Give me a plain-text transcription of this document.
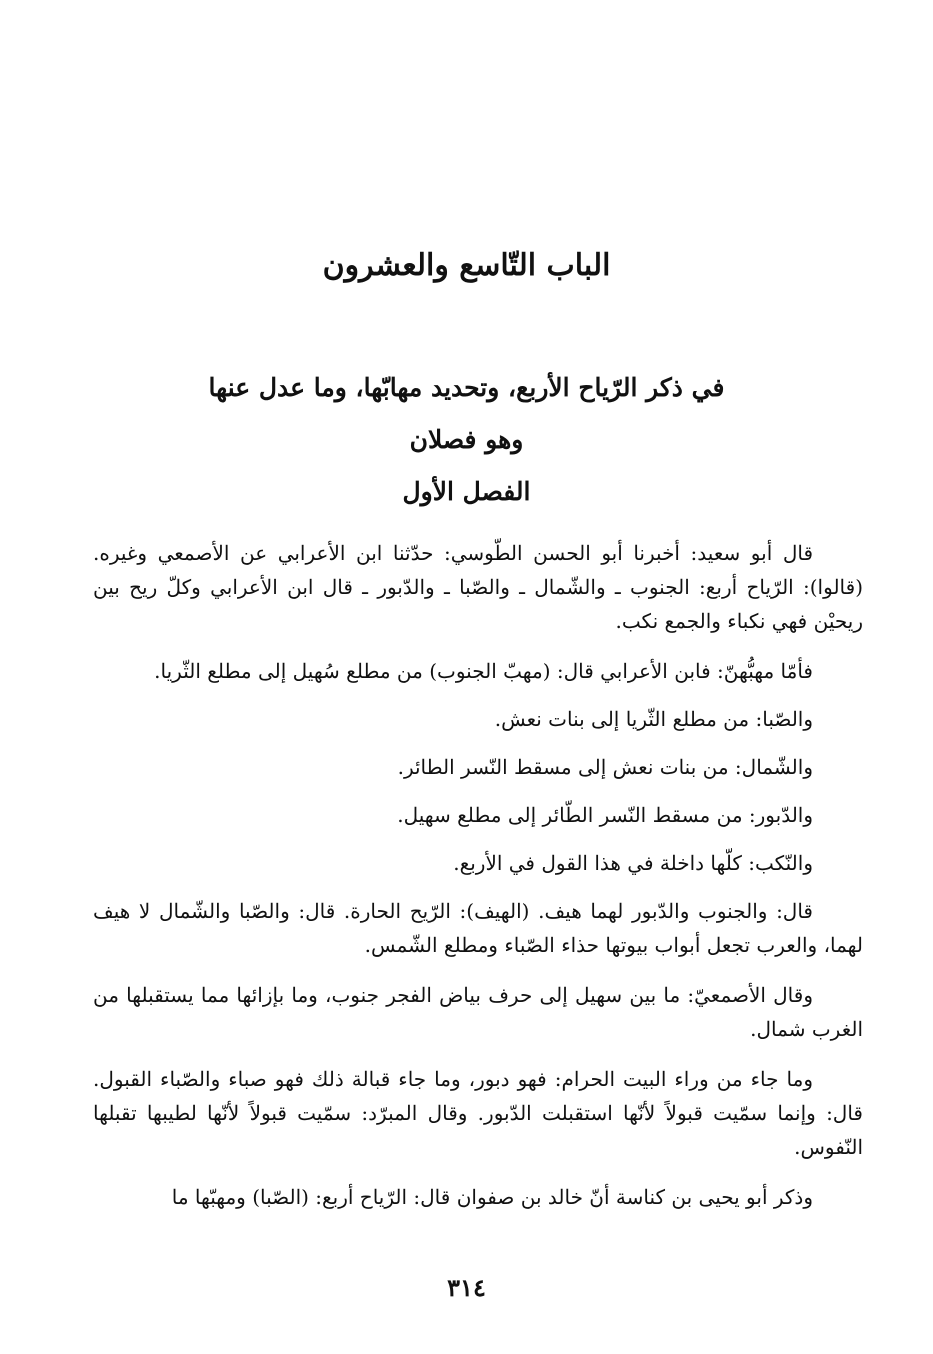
الباب التّاسع والعشرون

في ذكر الرّياح الأربع، وتحديد مهابّها، وما عدل عنها

وهو فصلان

الفصل الأول

قال أبو سعيد: أخبرنا أبو الحسن الطّوسي: حدّثنا ابن الأعرابي عن الأصمعي وغيره. (قالوا): الرّياح أربع: الجنوب ـ والشّمال ـ والصّبا ـ والدّبور ـ قال ابن الأعرابي وكلّ ريح بين ريحيْن فهي نكباء والجمع نكب.

فأمّا مهبُّهنّ: فابن الأعرابي قال: (مهبّ الجنوب) من مطلع سُهيل إلى مطلع الثّريا.

والصّبا: من مطلع الثّريا إلى بنات نعش.

والشّمال: من بنات نعش إلى مسقط النّسر الطائر.

والدّبور: من مسقط النّسر الطّائر إلى مطلع سهيل.

والنّكب: كلّها داخلة في هذا القول في الأربع.

قال: والجنوب والدّبور لهما هيف. (الهيف): الرّيح الحارة. قال: والصّبا والشّمال لا هيف لهما، والعرب تجعل أبواب بيوتها حذاء الصّباء ومطلع الشّمس.

وقال الأصمعيّ: ما بين سهيل إلى حرف بياض الفجر جنوب، وما بإزائها مما يستقبلها من الغرب شمال.

وما جاء من وراء البيت الحرام: فهو دبور، وما جاء قبالة ذلك فهو صباء والصّباء القبول. قال: وإنما سمّيت قبولاً لأنّها استقبلت الدّبور. وقال المبرّد: سمّيت قبولاً لأنّها لطيبها تقبلها النّفوس.

وذكر أبو يحيى بن كناسة أنّ خالد بن صفوان قال: الرّياح أربع: (الصّبا) ومهبّها ما

٣١٤
